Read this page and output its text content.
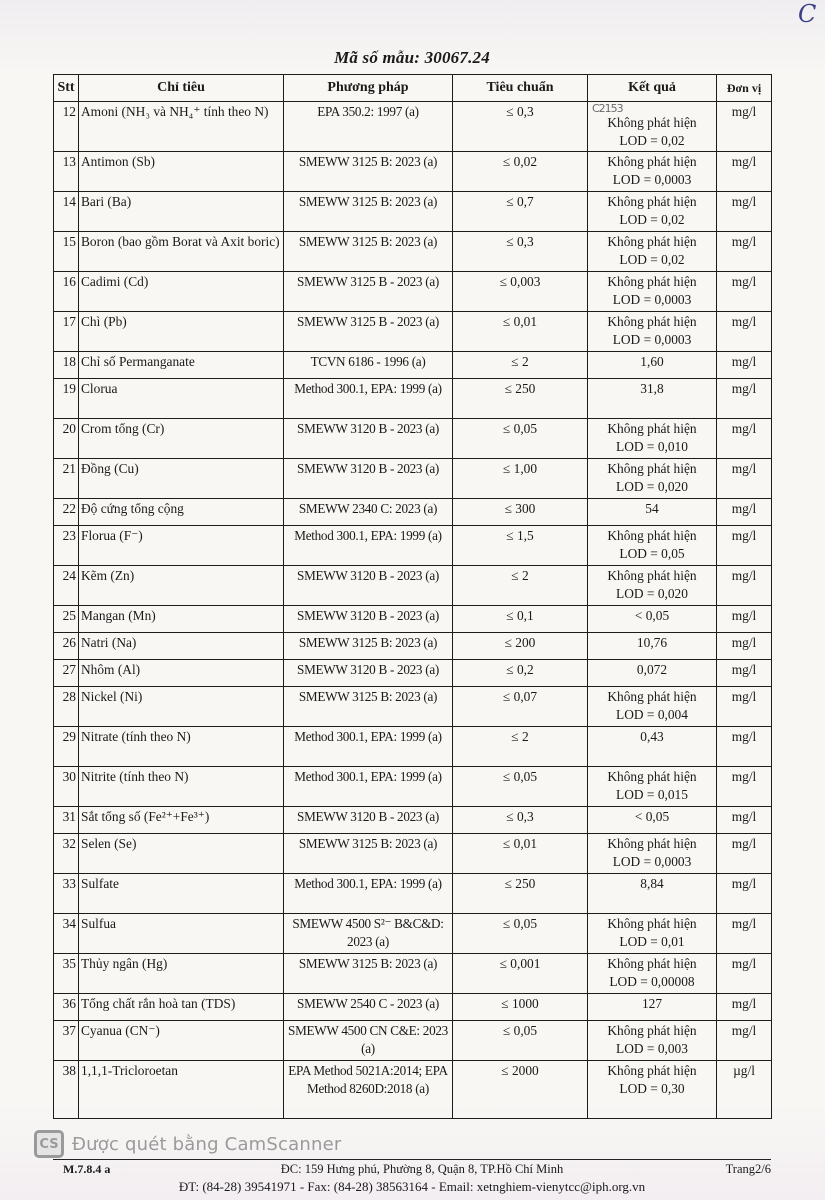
C
Mã số mẫu: 30067.24
Stt	Chỉ tiêu	Phương pháp	Tiêu chuẩn	Kết quả	Đơn vị
12	Amoni (NH₃ và NH₄⁺ tính theo N)	EPA 350.2: 1997 (a)	≤ 0,3	C2153
Không phát hiện
LOD = 0,02	mg/l
13	Antimon (Sb)	SMEWW 3125 B: 2023 (a)	≤ 0,02	Không phát hiện
LOD = 0,0003	mg/l
14	Bari (Ba)	SMEWW 3125 B: 2023 (a)	≤ 0,7	Không phát hiện
LOD = 0,02	mg/l
15	Boron (bao gồm Borat và Axit boric)	SMEWW 3125 B: 2023 (a)	≤ 0,3	Không phát hiện
LOD = 0,02	mg/l
16	Cadimi (Cd)	SMEWW 3125 B - 2023 (a)	≤ 0,003	Không phát hiện
LOD = 0,0003	mg/l
17	Chì (Pb)	SMEWW 3125 B - 2023 (a)	≤ 0,01	Không phát hiện
LOD = 0,0003	mg/l
18	Chỉ số Permanganate	TCVN 6186 - 1996 (a)	≤ 2	1,60	mg/l
19	Clorua	Method 300.1, EPA: 1999 (a)	≤ 250	31,8	mg/l
20	Crom tổng (Cr)	SMEWW 3120 B - 2023 (a)	≤ 0,05	Không phát hiện
LOD = 0,010	mg/l
21	Đồng (Cu)	SMEWW 3120 B - 2023 (a)	≤ 1,00	Không phát hiện
LOD = 0,020	mg/l
22	Độ cứng tổng cộng	SMEWW 2340 C: 2023 (a)	≤ 300	54	mg/l
23	Florua (F⁻)	Method 300.1, EPA: 1999 (a)	≤ 1,5	Không phát hiện
LOD = 0,05	mg/l
24	Kẽm (Zn)	SMEWW 3120 B - 2023 (a)	≤ 2	Không phát hiện
LOD = 0,020	mg/l
25	Mangan (Mn)	SMEWW 3120 B - 2023 (a)	≤ 0,1	< 0,05	mg/l
26	Natri (Na)	SMEWW 3125 B: 2023 (a)	≤ 200	10,76	mg/l
27	Nhôm (Al)	SMEWW 3120 B - 2023 (a)	≤ 0,2	0,072	mg/l
28	Nickel (Ni)	SMEWW 3125 B: 2023 (a)	≤ 0,07	Không phát hiện
LOD = 0,004	mg/l
29	Nitrate (tính theo N)	Method 300.1, EPA: 1999 (a)	≤ 2	0,43	mg/l
30	Nitrite (tính theo N)	Method 300.1, EPA: 1999 (a)	≤ 0,05	Không phát hiện
LOD = 0,015	mg/l
31	Sắt tổng số (Fe²⁺+Fe³⁺)	SMEWW 3120 B - 2023 (a)	≤ 0,3	< 0,05	mg/l
32	Selen (Se)	SMEWW 3125 B: 2023 (a)	≤ 0,01	Không phát hiện
LOD = 0,0003	mg/l
33	Sulfate	Method 300.1, EPA: 1999 (a)	≤ 250	8,84	mg/l
34	Sulfua	SMEWW 4500 S²⁻ B&C&D: 2023 (a)	≤ 0,05	Không phát hiện
LOD = 0,01	mg/l
35	Thủy ngân (Hg)	SMEWW 3125 B: 2023 (a)	≤ 0,001	Không phát hiện
LOD = 0,00008	mg/l
36	Tổng chất rắn hoà tan (TDS)	SMEWW 2540 C - 2023 (a)	≤ 1000	127	mg/l
37	Cyanua (CN⁻)	SMEWW 4500 CN C&E: 2023 (a)	≤ 0,05	Không phát hiện
LOD = 0,003	mg/l
38	1,1,1-Tricloroetan	EPA Method 5021A:2014; EPA Method 8260D:2018 (a)	≤ 2000	Không phát hiện
LOD = 0,30	µg/l
CS Được quét bằng CamScanner
M.7.8.4 a	ĐC: 159 Hưng phú, Phường 8, Quận 8, TP.Hồ Chí Minh	Trang2/6
ĐT: (84-28) 39541971 - Fax: (84-28) 38563164 - Email: xetnghiem-vienytcc@iph.org.vn
